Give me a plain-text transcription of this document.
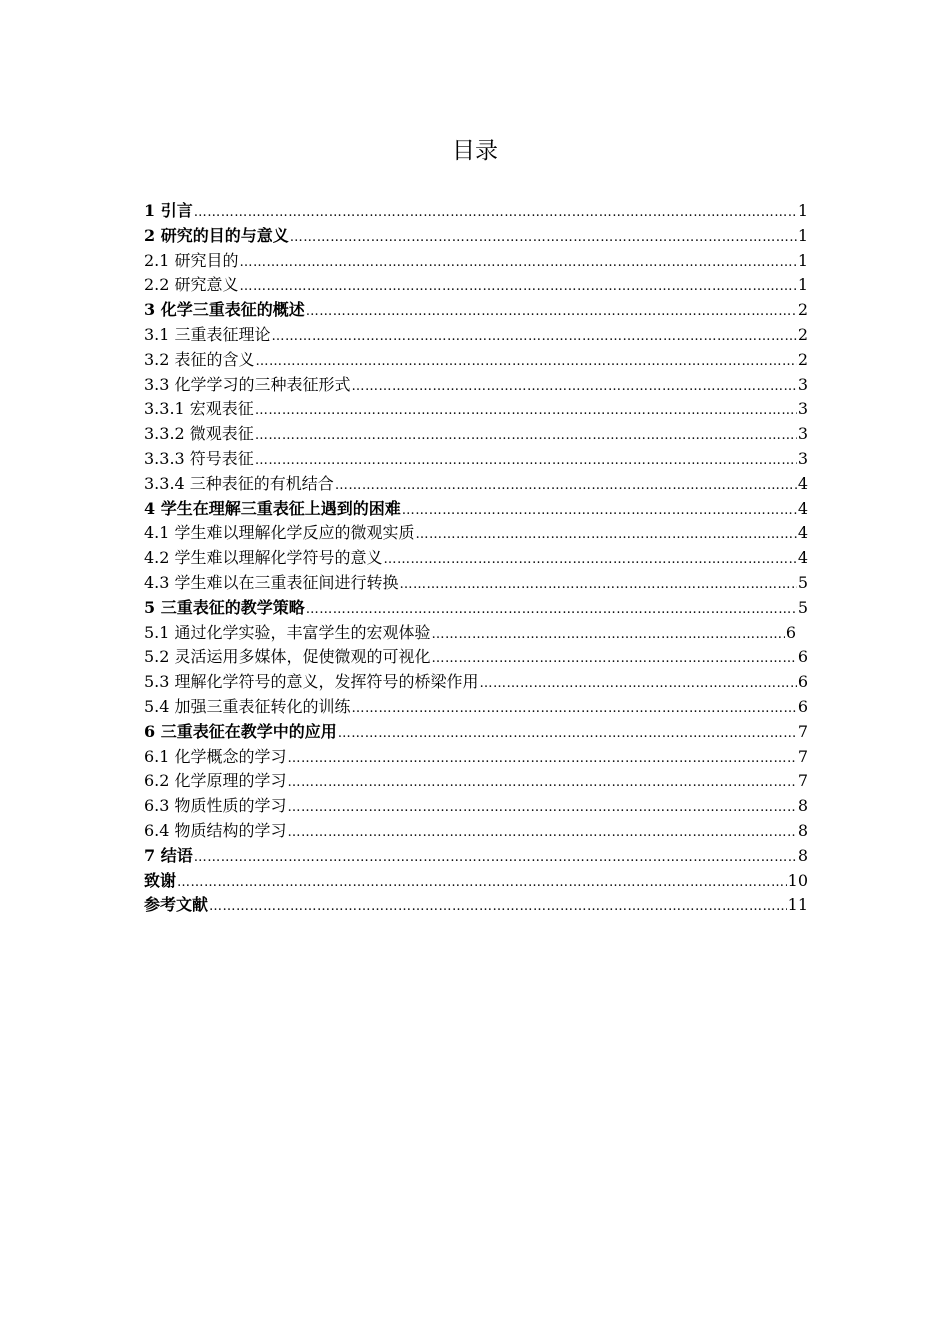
目录
1 引言 …………………………………………………………………………………………………………………………………………………………………………………………	1
2 研究的目的与意义 …………………………………………………………………………………………………………………………………………………………………………………………	1
2.1 研究目的 …………………………………………………………………………………………………………………………………………………………………………………………	1
2.2 研究意义 …………………………………………………………………………………………………………………………………………………………………………………………	1
3 化学三重表征的概述 …………………………………………………………………………………………………………………………………………………………………………………………	2
3.1 三重表征理论 …………………………………………………………………………………………………………………………………………………………………………………………	2
3.2 表征的含义 …………………………………………………………………………………………………………………………………………………………………………………………	2
3.3 化学学习的三种表征形式 …………………………………………………………………………………………………………………………………………………………………………………………	3
3.3.1 宏观表征 …………………………………………………………………………………………………………………………………………………………………………………………	3
3.3.2 微观表征 …………………………………………………………………………………………………………………………………………………………………………………………	3
3.3.3 符号表征 …………………………………………………………………………………………………………………………………………………………………………………………	3
3.3.4 三种表征的有机结合 …………………………………………………………………………………………………………………………………………………………………………………………	4
4 学生在理解三重表征上遇到的困难 …………………………………………………………………………………………………………………………………………………………………………………………	4
4.1 学生难以理解化学反应的微观实质 …………………………………………………………………………………………………………………………………………………………………………………………	4
4.2 学生难以理解化学符号的意义 …………………………………………………………………………………………………………………………………………………………………………………………	4
4.3 学生难以在三重表征间进行转换 …………………………………………………………………………………………………………………………………………………………………………………………	5
5 三重表征的教学策略 …………………………………………………………………………………………………………………………………………………………………………………………	5
5.1 通过化学实验，丰富学生的宏观体验 …………………………………………………………………………………………………………………………………………………………………………………………	6
5.2 灵活运用多媒体，促使微观的可视化 …………………………………………………………………………………………………………………………………………………………………………………………	6
5.3 理解化学符号的意义，发挥符号的桥梁作用 …………………………………………………………………………………………………………………………………………………………………………………………	6
5.4 加强三重表征转化的训练 …………………………………………………………………………………………………………………………………………………………………………………………	6
6 三重表征在教学中的应用 …………………………………………………………………………………………………………………………………………………………………………………………	7
6.1 化学概念的学习 …………………………………………………………………………………………………………………………………………………………………………………………	7
6.2 化学原理的学习 …………………………………………………………………………………………………………………………………………………………………………………………	7
6.3 物质性质的学习 …………………………………………………………………………………………………………………………………………………………………………………………	8
6.4 物质结构的学习 …………………………………………………………………………………………………………………………………………………………………………………………	8
7 结语 …………………………………………………………………………………………………………………………………………………………………………………………	8
致谢 …………………………………………………………………………………………………………………………………………………………………………………………	10
参考文献 …………………………………………………………………………………………………………………………………………………………………………………………	11
